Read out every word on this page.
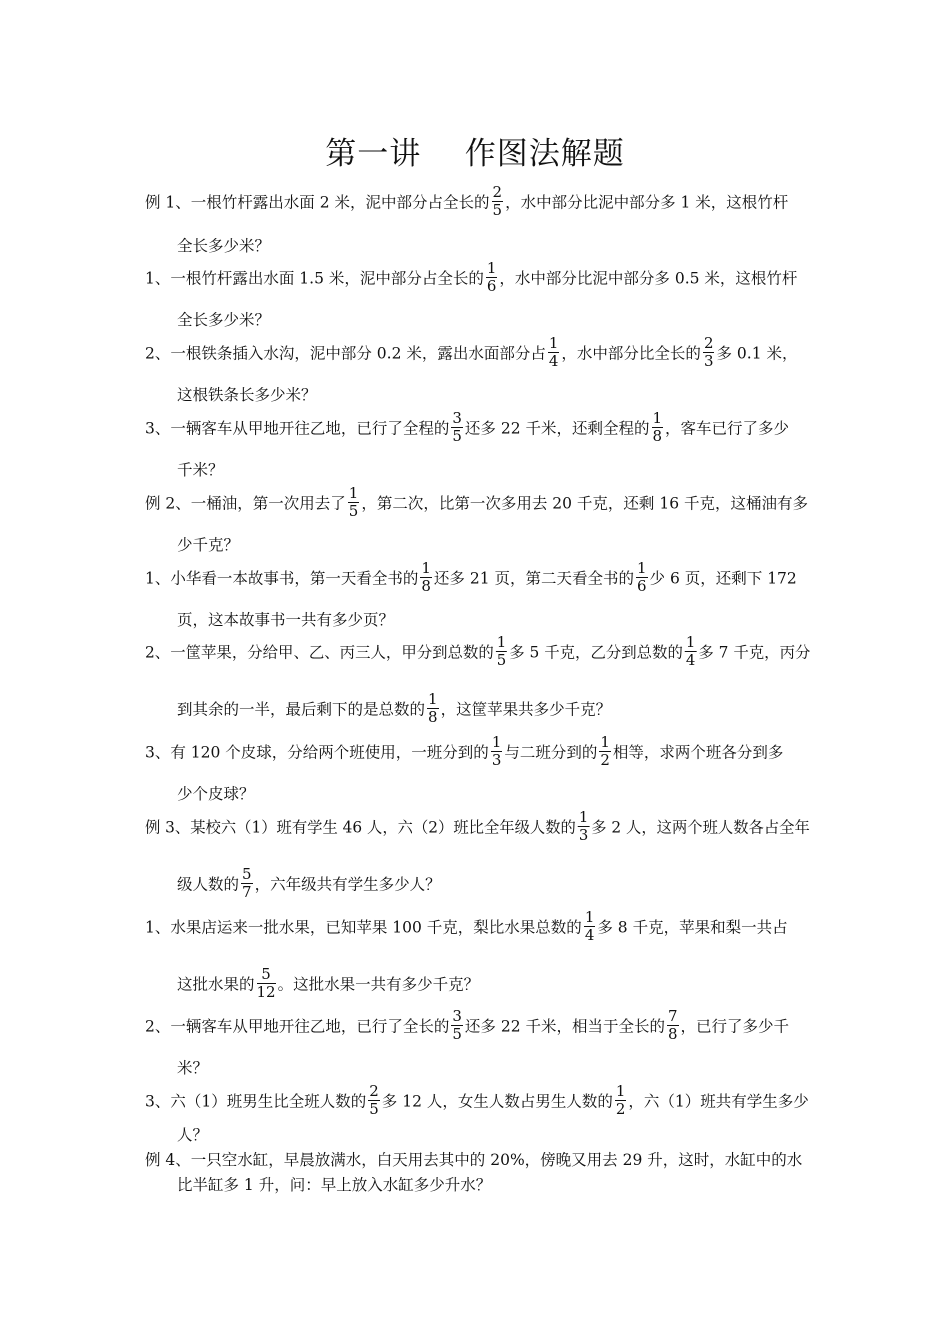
第一讲    作图法解题
例 1、一根竹杆露出水面 2 米，泥中部分占全长的 $\frac{2}{5}$ ，水中部分比泥中部分多 1 米，这根竹杆
全长多少米？
1、一根竹杆露出水面 1.5 米，泥中部分占全长的 $\frac{1}{6}$ ，水中部分比泥中部分多 0.5 米，这根竹杆
全长多少米？
2、一根铁条插入水沟，泥中部分 0.2 米，露出水面部分占 $\frac{1}{4}$ ，水中部分比全长的 $\frac{2}{3}$ 多 0.1 米，
这根铁条长多少米？
3、一辆客车从甲地开往乙地，已行了全程的 $\frac{3}{5}$ 还多 22 千米，还剩全程的 $\frac{1}{8}$ ，客车已行了多少
千米？
例 2、一桶油，第一次用去了 $\frac{1}{5}$ ，第二次，比第一次多用去 20 千克，还剩 16 千克，这桶油有多
少千克？
1、小华看一本故事书，第一天看全书的 $\frac{1}{8}$ 还多 21 页，第二天看全书的 $\frac{1}{6}$ 少 6 页，还剩下 172
页，这本故事书一共有多少页？
2、一筐苹果，分给甲、乙、丙三人，甲分到总数的 $\frac{1}{5}$ 多 5 千克，乙分到总数的 $\frac{1}{4}$ 多 7 千克，丙分
到其余的一半，最后剩下的是总数的 $\frac{1}{8}$ ，这筐苹果共多少千克？
3、有 120 个皮球，分给两个班使用，一班分到的 $\frac{1}{3}$ 与二班分到的 $\frac{1}{2}$ 相等，求两个班各分到多
少个皮球？
例 3、某校六（1）班有学生 46 人，六（2）班比全年级人数的 $\frac{1}{3}$ 多 2 人，这两个班人数各占全年
级人数的 $\frac{5}{7}$ ，六年级共有学生多少人？
1、水果店运来一批水果，已知苹果 100 千克，梨比水果总数的 $\frac{1}{4}$ 多 8 千克，苹果和梨一共占
这批水果的 $\frac{5}{12}$ 。这批水果一共有多少千克？
2、一辆客车从甲地开往乙地，已行了全长的 $\frac{3}{5}$ 还多 22 千米，相当于全长的 $\frac{7}{8}$ ，已行了多少千
米？
3、六（1）班男生比全班人数的 $\frac{2}{5}$ 多 12 人，女生人数占男生人数的 $\frac{1}{2}$ ，六（1）班共有学生多少
人？
例 4、一只空水缸，早晨放满水，白天用去其中的 20%，傍晚又用去 29 升，这时，水缸中的水
比半缸多 1 升，问：早上放入水缸多少升水？
